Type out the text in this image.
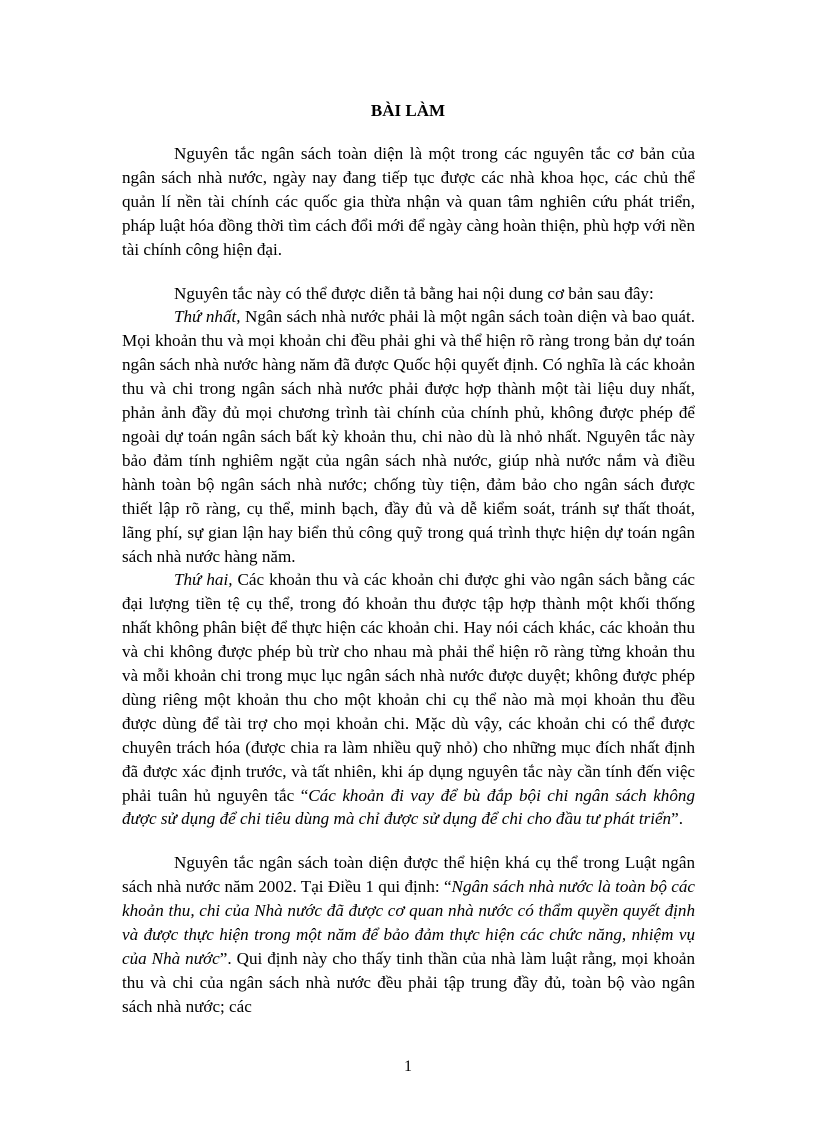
BÀI LÀM

Nguyên tắc ngân sách toàn diện là một trong các nguyên tắc cơ bản của ngân sách nhà nước, ngày nay đang tiếp tục được các nhà khoa học, các chủ thể quản lí nền tài chính các quốc gia thừa nhận và quan tâm nghiên cứu phát triển, pháp luật hóa đồng thời tìm cách đổi mới để ngày càng hoàn thiện, phù hợp với nền tài chính công hiện đại.

Nguyên tắc này có thể được diễn tả bằng hai nội dung cơ bản sau đây:

Thứ nhất, Ngân sách nhà nước phải là một ngân sách toàn diện và bao quát. Mọi khoản thu và mọi khoản chi đều phải ghi và thể hiện rõ ràng trong bản dự toán ngân sách nhà nước hàng năm đã được Quốc hội quyết định. Có nghĩa là các khoản thu và chi trong ngân sách nhà nước phải được hợp thành một tài liệu duy nhất, phản ảnh đầy đủ mọi chương trình tài chính của chính phủ, không được phép để ngoài dự toán ngân sách bất kỳ khoản thu, chi nào dù là nhỏ nhất. Nguyên tắc này bảo đảm tính nghiêm ngặt của ngân sách nhà nước, giúp nhà nước nắm và điều hành toàn bộ ngân sách nhà nước; chống tùy tiện, đảm bảo cho ngân sách được thiết lập rõ ràng, cụ thể, minh bạch, đầy đủ và dễ kiểm soát, tránh sự thất thoát, lãng phí, sự gian lận hay biển thủ công quỹ trong quá trình thực hiện dự toán ngân sách nhà nước hàng năm.

Thứ hai, Các khoản thu và các khoản chi được ghi vào ngân sách bằng các đại lượng tiền tệ cụ thể, trong đó khoản thu được tập hợp thành một khối thống nhất không phân biệt để thực hiện các khoản chi. Hay nói cách khác, các khoản thu và chi không được phép bù trừ cho nhau mà phải thể hiện rõ ràng từng khoản thu và mỗi khoản chi trong mục lục ngân sách nhà nước được duyệt; không được phép dùng riêng một khoản thu cho một khoản chi cụ thể nào mà mọi khoản thu đều được dùng để tài trợ cho mọi khoản chi. Mặc dù vậy, các khoản chi có thể được chuyên trách hóa (được chia ra làm nhiều quỹ nhỏ) cho những mục đích nhất định đã được xác định trước, và tất nhiên, khi áp dụng nguyên tắc này cần tính đến việc phải tuân hủ nguyên tắc “Các khoản đi vay để bù đắp bội chi ngân sách không được sử dụng để chi tiêu dùng mà chỉ được sử dụng để chi cho đầu tư phát triển”.

Nguyên tắc ngân sách toàn diện được thể hiện khá cụ thể trong Luật ngân sách nhà nước năm 2002. Tại Điều 1 qui định: “Ngân sách nhà nước là toàn bộ các khoản thu, chi của Nhà nước đã được cơ quan nhà nước có thẩm quyền quyết định và được thực hiện trong một năm để bảo đảm thực hiện các chức năng, nhiệm vụ của Nhà nước”. Qui định này cho thấy tinh thần của nhà làm luật rằng, mọi khoản thu và chi của ngân sách nhà nước đều phải tập trung đầy đủ, toàn bộ vào ngân sách nhà nước; các

1
